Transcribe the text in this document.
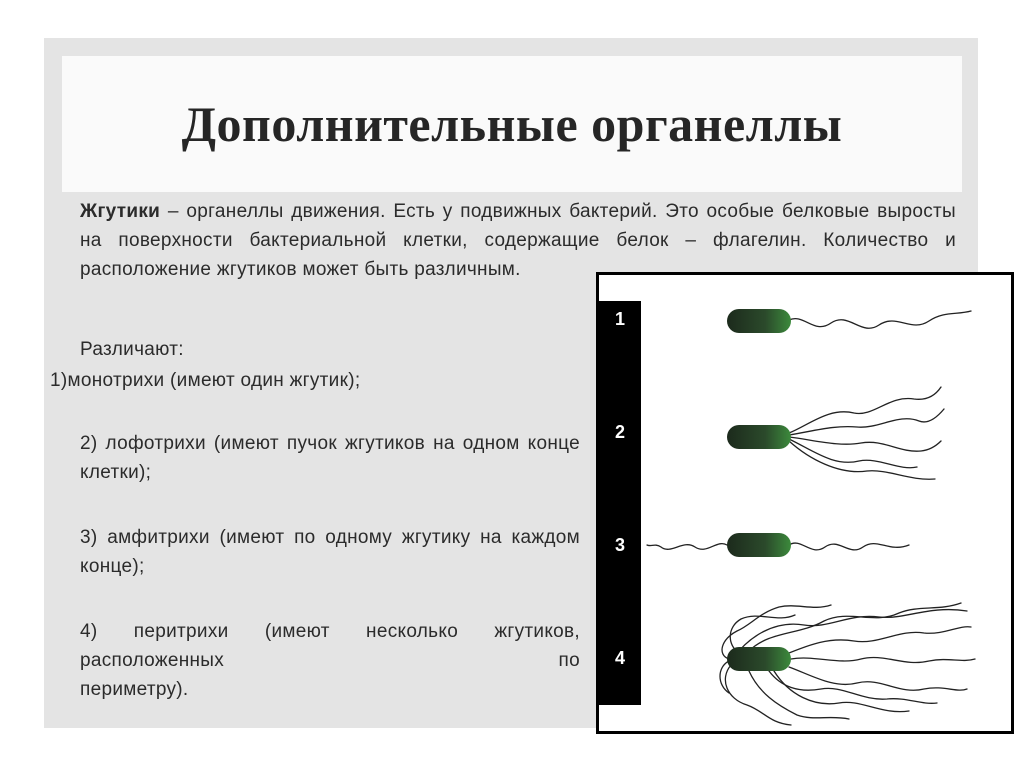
Дополнительные органеллы
Жгутики – органеллы движения. Есть у подвижных бактерий. Это особые белковые выросты на поверхности бактериальной клетки, содержащие белок – флагелин. Количество и расположение жгутиков может быть различным.
Различают:
1)монотрихи (имеют один жгутик);
2) лофотрихи (имеют пучок жгутиков на одном конце клетки);
3) амфитрихи (имеют по одному жгутику на каждом конце);
4) перитрихи (имеют несколько жгутиков, расположенных по
периметру).
1
2
3
4
